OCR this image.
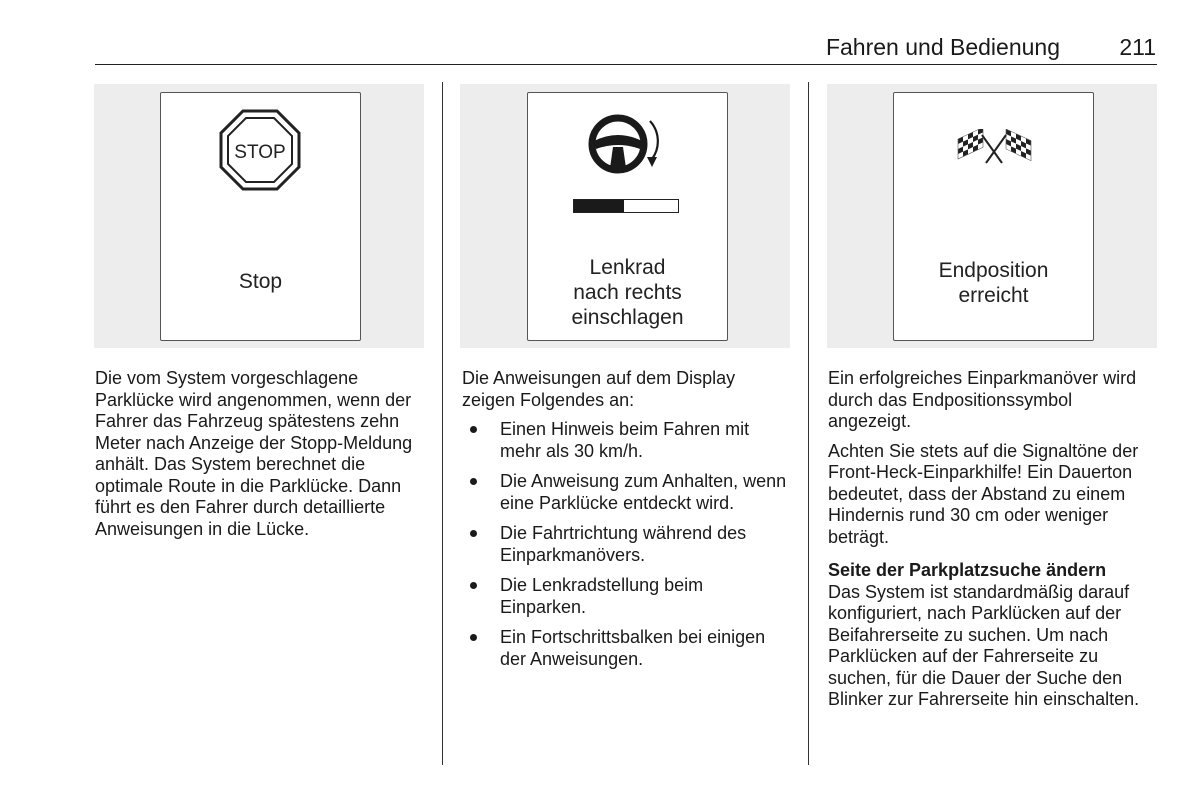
Fahren und Bedienung	211
STOP
Stop
Lenkrad
nach rechts
einschlagen
Endposition
erreicht

Die vom System vorgeschlagene Parklücke wird angenommen, wenn der Fahrer das Fahrzeug spätestens zehn Meter nach Anzeige der Stopp-Meldung anhält. Das System berechnet die optimale Route in die Parklücke. Dann führt es den Fahrer durch detaillierte Anweisungen in die Lücke.

Die Anweisungen auf dem Display zeigen Folgendes an:

Einen Hinweis beim Fahren mit mehr als 30 km/h.
Die Anweisung zum Anhalten, wenn eine Parklücke entdeckt wird.
Die Fahrtrichtung während des Einparkmanövers.
Die Lenkradstellung beim Einparken.
Ein Fortschrittsbalken bei einigen der Anweisungen.

Ein erfolgreiches Einparkmanöver wird durch das Endpositionssymbol angezeigt.

Achten Sie stets auf die Signaltöne der Front-Heck-Einparkhilfe! Ein Dauerton bedeutet, dass der Abstand zu einem Hindernis rund 30 cm oder weniger beträgt.

Seite der Parkplatzsuche ändern

Das System ist standardmäßig darauf konfiguriert, nach Parklücken auf der Beifahrerseite zu suchen. Um nach Parklücken auf der Fahrerseite zu suchen, für die Dauer der Suche den Blinker zur Fahrerseite hin einschalten.
